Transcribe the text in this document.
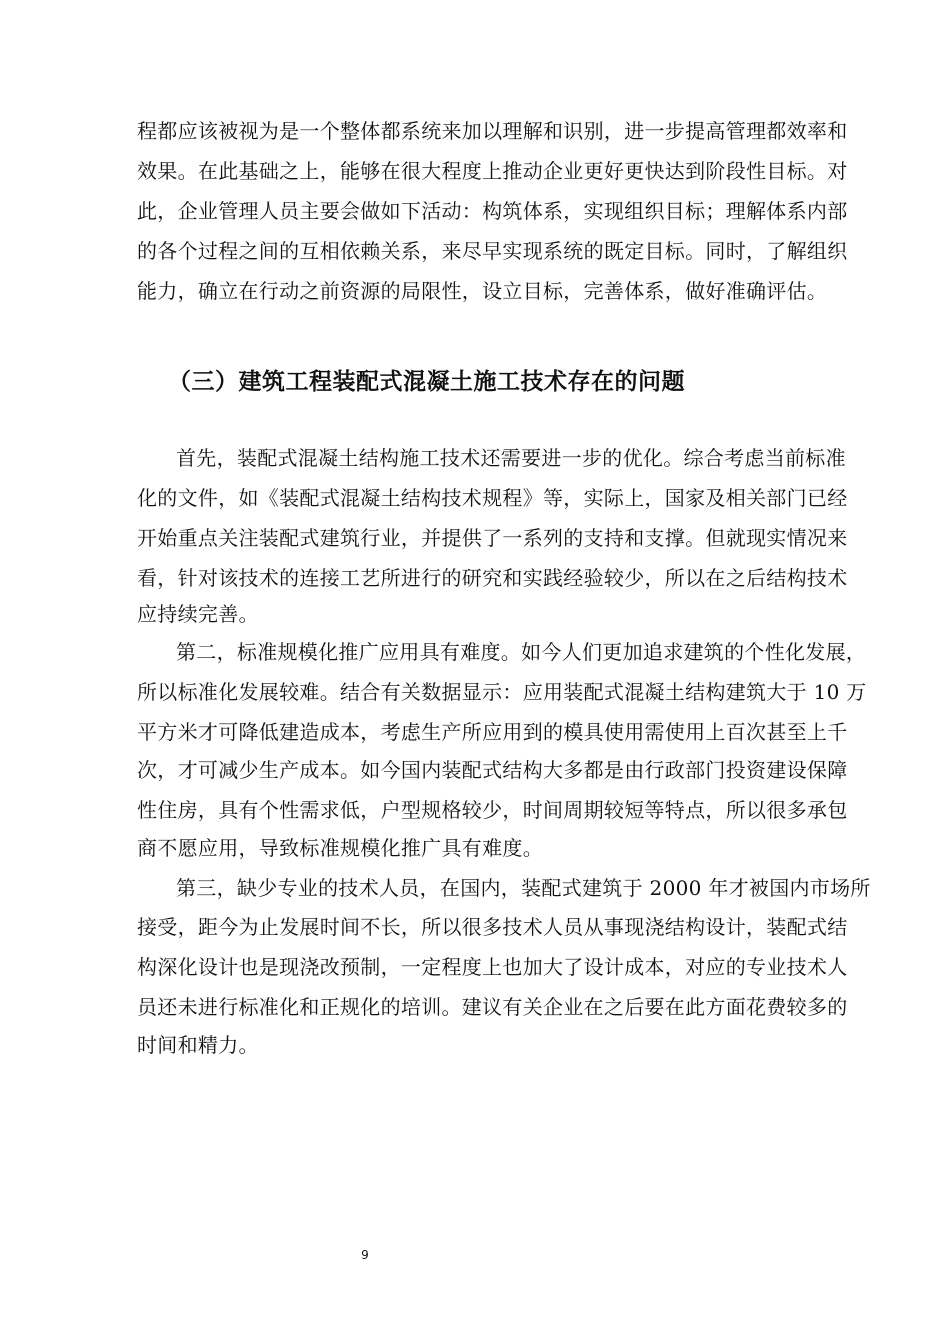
程都应该被视为是一个整体都系统来加以理解和识别，进一步提高管理都效率和
效果。在此基础之上，能够在很大程度上推动企业更好更快达到阶段性目标。对
此，企业管理人员主要会做如下活动：构筑体系，实现组织目标；理解体系内部
的各个过程之间的互相依赖关系，来尽早实现系统的既定目标。同时，了解组织
能力，确立在行动之前资源的局限性，设立目标，完善体系，做好准确评估。
（三）建筑工程装配式混凝土施工技术存在的问题
首先，装配式混凝土结构施工技术还需要进一步的优化。综合考虑当前标准
化的文件，如《装配式混凝土结构技术规程》等，实际上，国家及相关部门已经
开始重点关注装配式建筑行业，并提供了一系列的支持和支撑。但就现实情况来
看，针对该技术的连接工艺所进行的研究和实践经验较少，所以在之后结构技术
应持续完善。
第二，标准规模化推广应用具有难度。如今人们更加追求建筑的个性化发展，
所以标准化发展较难。结合有关数据显示：应用装配式混凝土结构建筑大于 10 万
平方米才可降低建造成本，考虑生产所应用到的模具使用需使用上百次甚至上千
次，才可减少生产成本。如今国内装配式结构大多都是由行政部门投资建设保障
性住房，具有个性需求低，户型规格较少，时间周期较短等特点，所以很多承包
商不愿应用，导致标准规模化推广具有难度。
第三，缺少专业的技术人员，在国内，装配式建筑于 2000 年才被国内市场所
接受，距今为止发展时间不长，所以很多技术人员从事现浇结构设计，装配式结
构深化设计也是现浇改预制，一定程度上也加大了设计成本，对应的专业技术人
员还未进行标准化和正规化的培训。建议有关企业在之后要在此方面花费较多的
时间和精力。
9
